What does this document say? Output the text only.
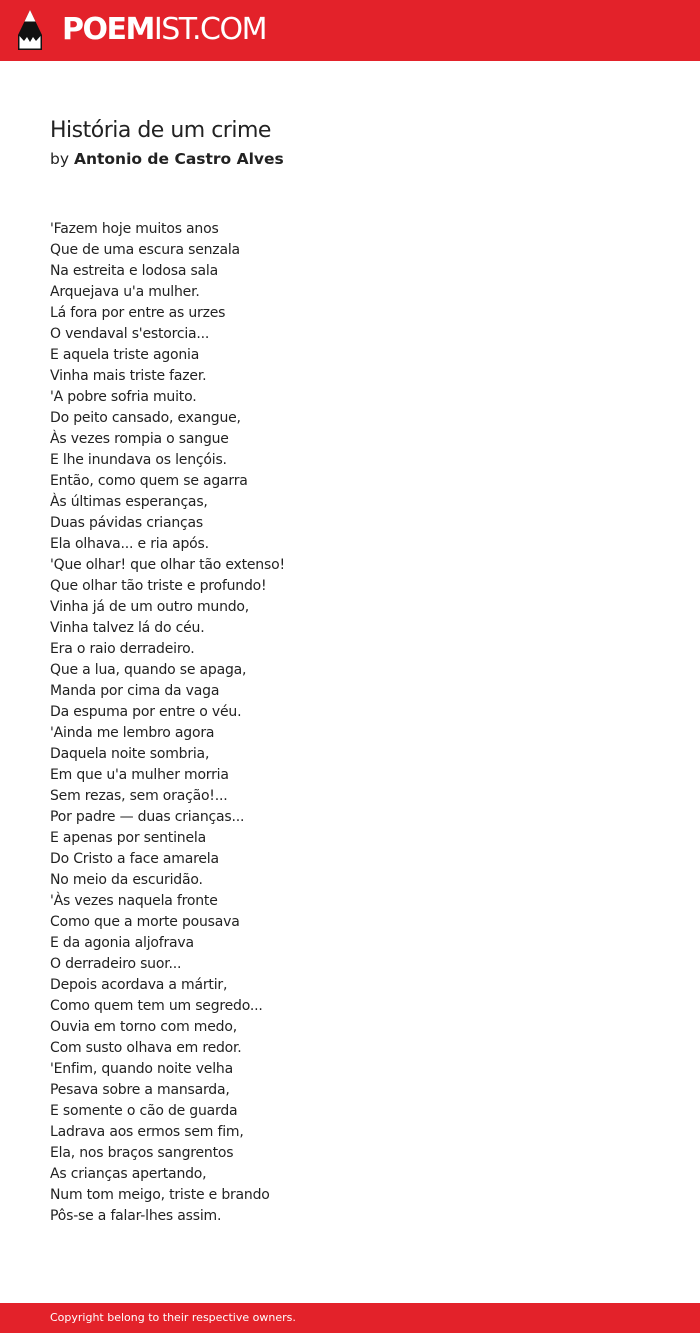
POEMIST.COM
História de um crime
by Antonio de Castro Alves
'Fazem hoje muitos anos
Que de uma escura senzala
Na estreita e lodosa sala
Arquejava u'a mulher.
Lá fora por entre as urzes
O vendaval s'estorcia...
E aquela triste agonia
Vinha mais triste fazer.
'A pobre sofria muito.
Do peito cansado, exangue,
Às vezes rompia o sangue
E lhe inundava os lençóis.
Então, como quem se agarra
Às últimas esperanças,
Duas pávidas crianças
Ela olhava... e ria após.
'Que olhar! que olhar tão extenso!
Que olhar tão triste e profundo!
Vinha já de um outro mundo,
Vinha talvez lá do céu.
Era o raio derradeiro.
Que a lua, quando se apaga,
Manda por cima da vaga
Da espuma por entre o véu.
'Ainda me lembro agora
Daquela noite sombria,
Em que u'a mulher morria
Sem rezas, sem oração!...
Por padre — duas crianças...
E apenas por sentinela
Do Cristo a face amarela
No meio da escuridão.
'Às vezes naquela fronte
Como que a morte pousava
E da agonia aljofrava
O derradeiro suor...
Depois acordava a mártir,
Como quem tem um segredo...
Ouvia em torno com medo,
Com susto olhava em redor.
'Enfim, quando noite velha
Pesava sobre a mansarda,
E somente o cão de guarda
Ladrava aos ermos sem fim,
Ela, nos braços sangrentos
As crianças apertando,
Num tom meigo, triste e brando
Pôs-se a falar-lhes assim.
Copyright belong to their respective owners.
